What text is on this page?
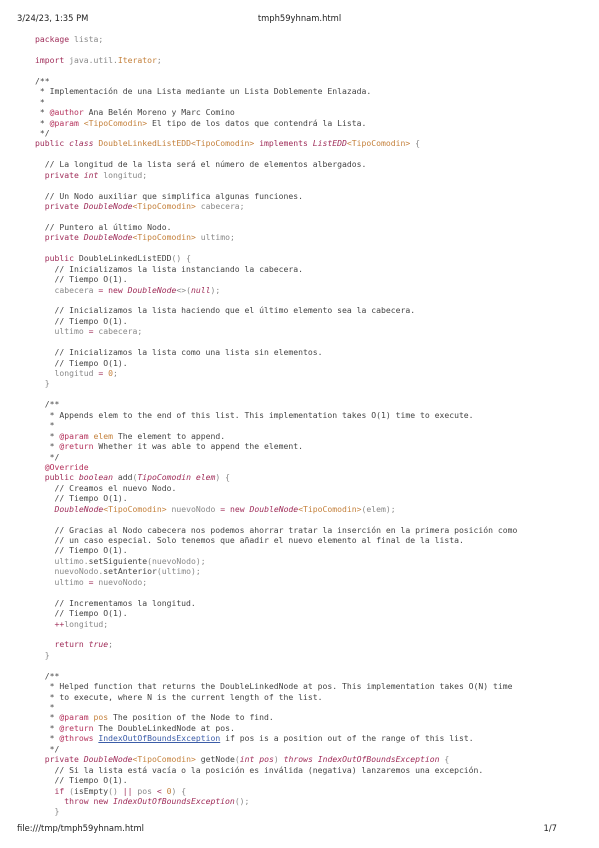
3/24/23, 1:35 PM	tmph59yhnam.html
package lista;

import java.util.Iterator;

/**
* Implementación de una Lista mediante un Lista Doblemente Enlazada.
*
* @author Ana Belén Moreno y Marc Comino
* @param <TipoComodin> El tipo de los datos que contendrá la Lista.
*/
public class DoubleLinkedListEDD<TipoComodin> implements ListEDD<TipoComodin> {

// La longitud de la lista será el número de elementos albergados.
private int longitud;

// Un Nodo auxiliar que simplifica algunas funciones.
private DoubleNode<TipoComodin> cabecera;

// Puntero al último Nodo.
private DoubleNode<TipoComodin> ultimo;

public DoubleLinkedListEDD() {
// Inicializamos la lista instanciando la cabecera.
// Tiempo O(1).
cabecera = new DoubleNode<>(null);

// Inicializamos la lista haciendo que el último elemento sea la cabecera.
// Tiempo O(1).
ultimo = cabecera;

// Inicializamos la lista como una lista sin elementos.
// Tiempo O(1).
longitud = 0;
}

/**
* Appends elem to the end of this list. This implementation takes O(1) time to execute.
*
* @param elem The element to append.
* @return Whether it was able to append the element.
*/
@Override
public boolean add(TipoComodin elem) {
// Creamos el nuevo Nodo.
// Tiempo O(1).
DoubleNode<TipoComodin> nuevoNodo = new DoubleNode<TipoComodin>(elem);

// Gracias al Nodo cabecera nos podemos ahorrar tratar la inserción en la primera posición como
// un caso especial. Solo tenemos que añadir el nuevo elemento al final de la lista.
// Tiempo O(1).
ultimo.setSiguiente(nuevoNodo);
nuevoNodo.setAnterior(ultimo);
ultimo = nuevoNodo;

// Incrementamos la longitud.
// Tiempo O(1).
++longitud;

return true;
}

/**
* Helped function that returns the DoubleLinkedNode at pos. This implementation takes O(N) time
* to execute, where N is the current length of the list.
*
* @param pos The position of the Node to find.
* @return The DoubleLinkedNode at pos.
* @throws IndexOutOfBoundsException if pos is a position out of the range of this list.
*/
private DoubleNode<TipoComodin> getNode(int pos) throws IndexOutOfBoundsException {
// Si la lista está vacía o la posición es inválida (negativa) lanzaremos una excepción.
// Tiempo O(1).
if (isEmpty() || pos < 0) {
throw new IndexOutOfBoundsException();
}
file:///tmp/tmph59yhnam.html	1/7
